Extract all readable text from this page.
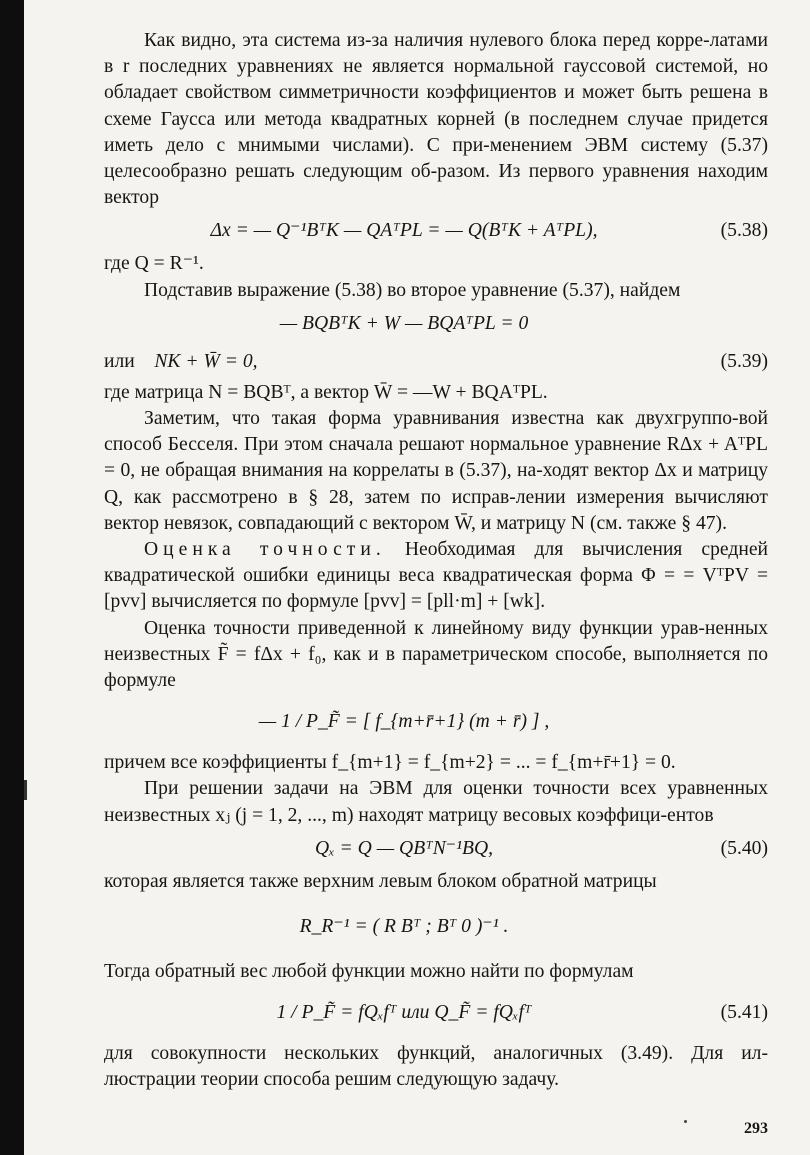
Как видно, эта система из-за наличия нулевого блока перед корре-латами в r последних уравнениях не является нормальной гауссовой системой, но обладает свойством симметричности коэффициентов и может быть решена в схеме Гаусса или метода квадратных корней (в последнем случае придется иметь дело с мнимыми числами). С при-менением ЭВМ систему (5.37) целесообразно решать следующим об-разом. Из первого уравнения находим вектор

Δx = — Q⁻¹BᵀK — QAᵀPL = — Q(BᵀK + AᵀPL),	(5.38)

где Q = R⁻¹.

Подставив выражение (5.38) во второе уравнение (5.37), найдем

— BQBᵀK + W — BQAᵀPL = 0
или NK + W̄ = 0,	(5.39)

где матрица N = BQBᵀ, а вектор W̄ = —W + BQAᵀPL.

Заметим, что такая форма уравнивания известна как двухгруппо-вой способ Бесселя. При этом сначала решают нормальное уравнение RΔx + AᵀPL = 0, не обращая внимания на коррелаты в (5.37), на-ходят вектор Δx и матрицу Q, как рассмотрено в § 28, затем по исправ-лении измерения вычисляют вектор невязок, совпадающий с вектором W̄, и матрицу N (см. также § 47).

Оценка точности. Необходимая для вычисления средней квадратической ошибки единицы веса квадратическая форма Φ = = VᵀPV = [pvv] вычисляется по формуле [pvv] = [pll·m] + [wk].

Оценка точности приведенной к линейному виду функции урав-ненных неизвестных F̃ = fΔx + f₀, как и в параметрическом способе, выполняется по формуле

— 1 / P_F̃ = [ f_{m+r̄+1} (m + r̄) ] ,

причем все коэффициенты f_{m+1} = f_{m+2} = ... = f_{m+r̄+1} = 0.

При решении задачи на ЭВМ для оценки точности всех уравненных неизвестных xⱼ (j = 1, 2, ..., m) находят матрицу весовых коэффици-ентов

Qₓ = Q — QBᵀN⁻¹BQ,	(5.40)

которая является также верхним левым блоком обратной матрицы

R_R⁻¹ = ( R Bᵀ ; Bᵀ 0 )⁻¹ .

Тогда обратный вес любой функции можно найти по формулам

1 / P_F̃ = fQₓfᵀ или Q_F̃ = fQₓfᵀ	(5.41)

для совокупности нескольких функций, аналогичных (3.49). Для ил-люстрации теории способа решим следующую задачу.

293
